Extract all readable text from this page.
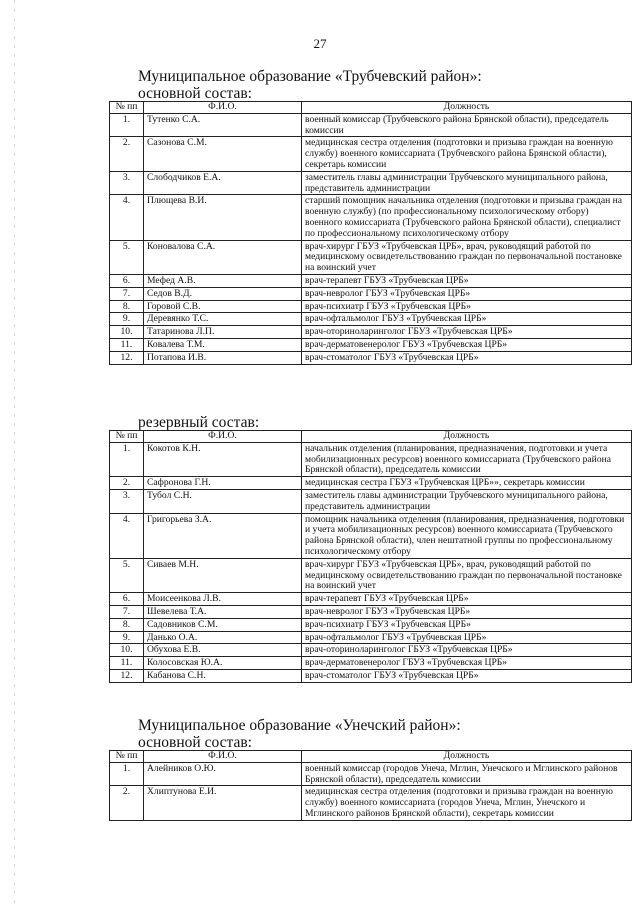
27
Муниципальное образование «Трубчевский район»:
основной состав:
№ пп	Ф.И.О.	Должность
1.	Тутенко С.А.	военный комиссар (Трубчевского района Брянской области), председатель комиссии
2.	Сазонова С.М.	медицинская сестра отделения (подготовки и призыва граждан на военную службу) военного комиссариата (Трубчевского района Брянской области), секретарь комиссии
3.	Слободчиков Е.А.	заместитель главы администрации Трубчевского муниципального района, представитель администрации
4.	Плющева В.И.	старший помощник начальника отделения (подготовки и призыва граждан на военную службу) (по профессиональному психологическому отбору) военного комиссариата (Трубчевского района Брянской области), специалист по профессиональному психологическому отбору
5.	Коновалова С.А.	врач-хирург ГБУЗ «Трубчевская ЦРБ», врач, руководящий работой по медицинскому освидетельствованию граждан по первоначальной постановке на воинский учет
6.	Мефед А.В.	врач-терапевт ГБУЗ «Трубчевская ЦРБ»
7.	Седов В.Д.	врач-невролог ГБУЗ «Трубчевская ЦРБ»
8.	Горовой С.В.	врач-психиатр ГБУЗ «Трубчевская ЦРБ»
9.	Деревянко Т.С.	врач-офтальмолог ГБУЗ «Трубчевская ЦРБ»
10.	Татаринова Л.П.	врач-оториноларинголог ГБУЗ «Трубчевская ЦРБ»
11.	Ковалева Т.М.	врач-дерматовенеролог ГБУЗ «Трубчевская ЦРБ»
12.	Потапова И.В.	врач-стоматолог ГБУЗ «Трубчевская ЦРБ»
резервный состав:
№ пп	Ф.И.О.	Должность
1.	Кокотов К.Н.	начальник отделения (планирования, предназначения, подготовки и учета мобилизационных ресурсов) военного комиссариата (Трубчевского района Брянской области), председатель комиссии
2.	Сафронова Г.Н.	медицинская сестра ГБУЗ «Трубчевская ЦРБ»», секретарь комиссии
3.	Тубол С.Н.	заместитель главы администрации Трубчевского муниципального района, представитель администрации
4.	Григорьева З.А.	помощник начальника отделения (планирования, предназначения, подготовки и учета мобилизационных ресурсов) военного комиссариата (Трубчевского района Брянской области), член нештатной группы по профессиональному психологическому отбору
5.	Сиваев М.Н.	врач-хирург ГБУЗ «Трубчевская ЦРБ», врач, руководящий работой по медицинскому освидетельствованию граждан по первоначальной постановке на воинский учет
6.	Моисеенкова Л.В.	врач-терапевт ГБУЗ «Трубчевская ЦРБ»
7.	Шевелева Т.А.	врач-невролог ГБУЗ «Трубчевская ЦРБ»
8.	Садовников С.М.	врач-психиатр ГБУЗ «Трубчевская ЦРБ»
9.	Данько О.А.	врач-офтальмолог ГБУЗ «Трубчевская ЦРБ»
10.	Обухова Е.В.	врач-оториноларинголог ГБУЗ «Трубчевская ЦРБ»
11.	Колосовская Ю.А.	врач-дерматовенеролог ГБУЗ «Трубчевская ЦРБ»
12.	Кабанова С.Н.	врач-стоматолог ГБУЗ «Трубчевская ЦРБ»
Муниципальное образование «Унечский район»:
основной состав:
№ пп	Ф.И.О.	Должность
1.	Алейников О.Ю.	военный комиссар (городов Унеча, Мглин, Унечского и Мглинского районов Брянской области), председатель комиссии
2.	Хлиптунова Е.И.	медицинская сестра отделения (подготовки и призыва граждан на военную службу) военного комиссариата (городов Унеча, Мглин, Унечского и Мглинского районов Брянской области), секретарь комиссии
